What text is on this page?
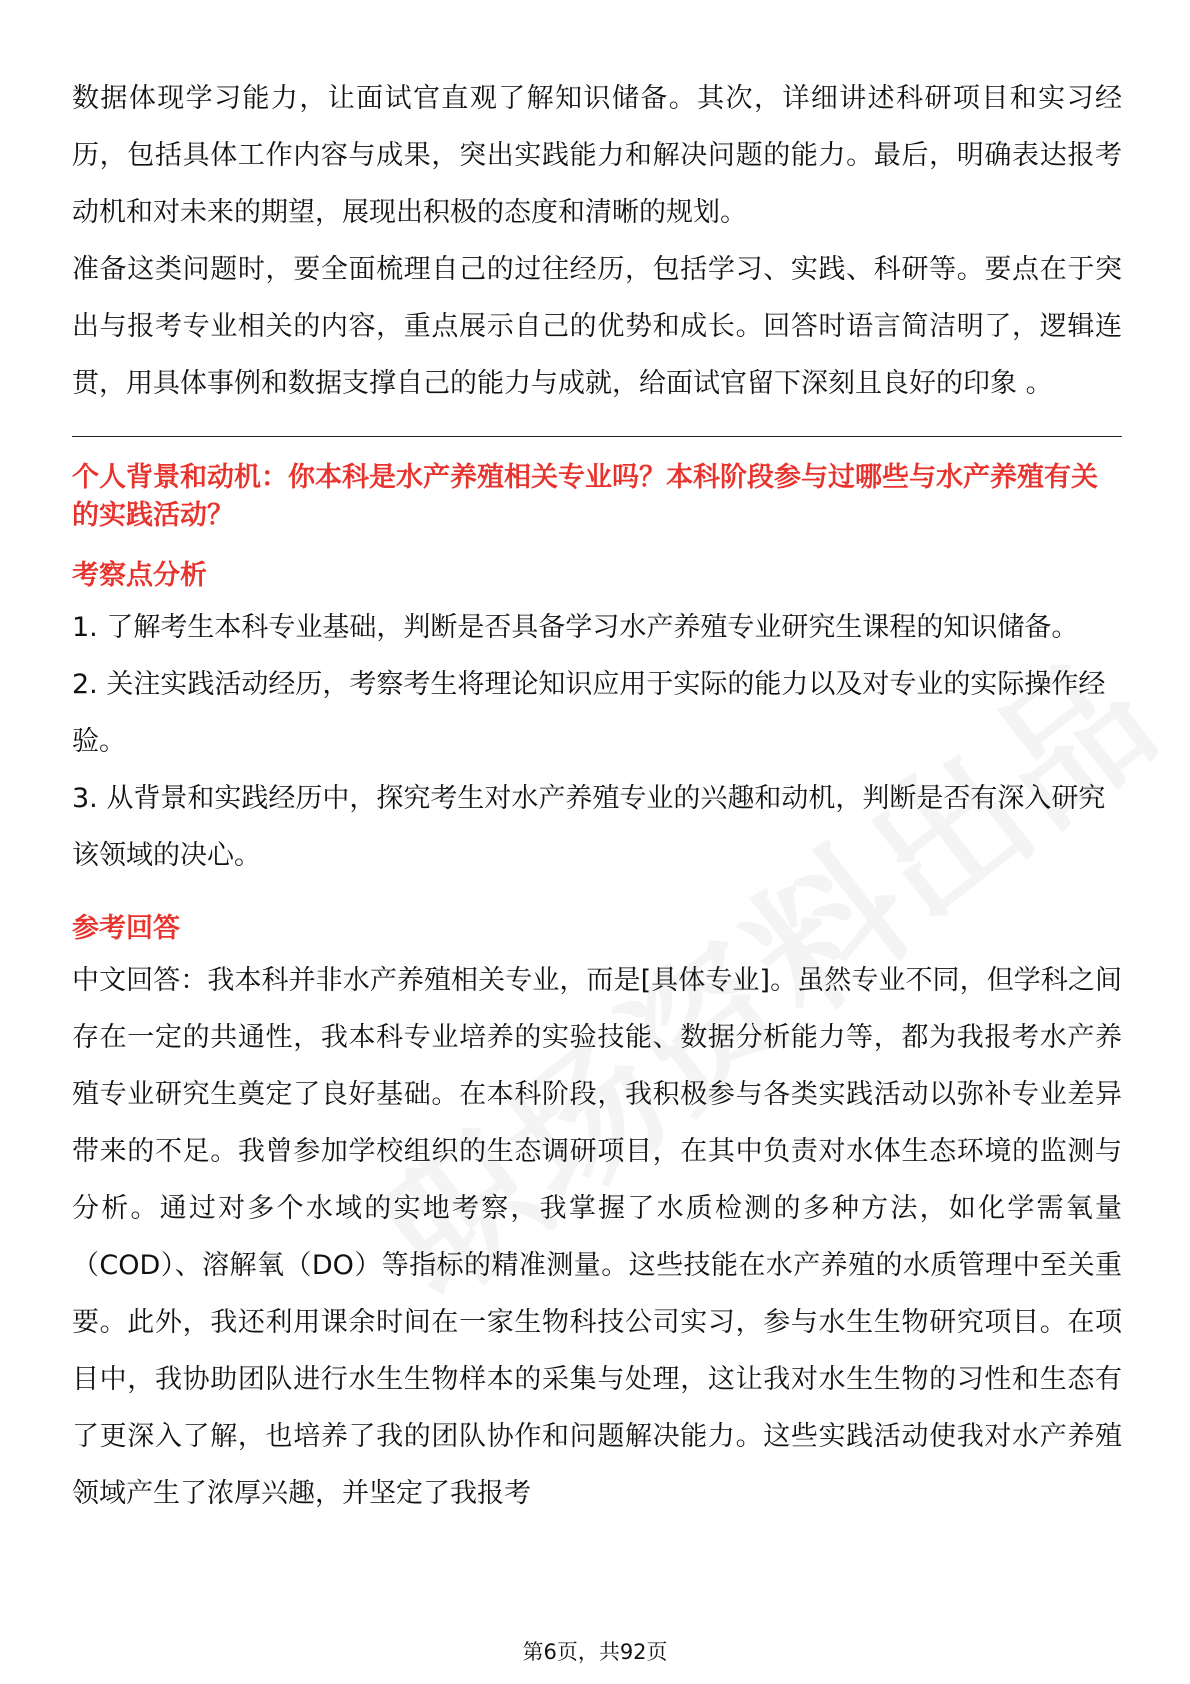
数据体现学习能力，让面试官直观了解知识储备。其次，详细讲述科研项目和实习经历，包括具体工作内容与成果，突出实践能力和解决问题的能力。最后，明确表达报考动机和对未来的期望，展现出积极的态度和清晰的规划。

准备这类问题时，要全面梳理自己的过往经历，包括学习、实践、科研等。要点在于突出与报考专业相关的内容，重点展示自己的优势和成长。回答时语言简洁明了，逻辑连贯，用具体事例和数据支撑自己的能力与成就，给面试官留下深刻且良好的印象 。

个人背景和动机：你本科是水产养殖相关专业吗？本科阶段参与过哪些与水产养殖有关的实践活动？

考察点分析

1. 了解考生本科专业基础，判断是否具备学习水产养殖专业研究生课程的知识储备。

2. 关注实践活动经历，考察考生将理论知识应用于实际的能力以及对专业的实际操作经验。

3. 从背景和实践经历中，探究考生对水产养殖专业的兴趣和动机，判断是否有深入研究该领域的决心。

参考回答

中文回答：我本科并非水产养殖相关专业，而是[具体专业]。虽然专业不同，但学科之间存在一定的共通性，我本科专业培养的实验技能、数据分析能力等，都为我报考水产养殖专业研究生奠定了良好基础。在本科阶段，我积极参与各类实践活动以弥补专业差异带来的不足。我曾参加学校组织的生态调研项目，在其中负责对水体生态环境的监测与分析。通过对多个水域的实地考察，我掌握了水质检测的多种方法，如化学需氧量（COD）、溶解氧（DO）等指标的精准测量。这些技能在水产养殖的水质管理中至关重要。此外，我还利用课余时间在一家生物科技公司实习，参与水生生物研究项目。在项目中，我协助团队进行水生生物样本的采集与处理，这让我对水生生物的习性和生态有了更深入了解，也培养了我的团队协作和问题解决能力。这些实践活动使我对水产养殖领域产生了浓厚兴趣，并坚定了我报考

第6页，共92页
